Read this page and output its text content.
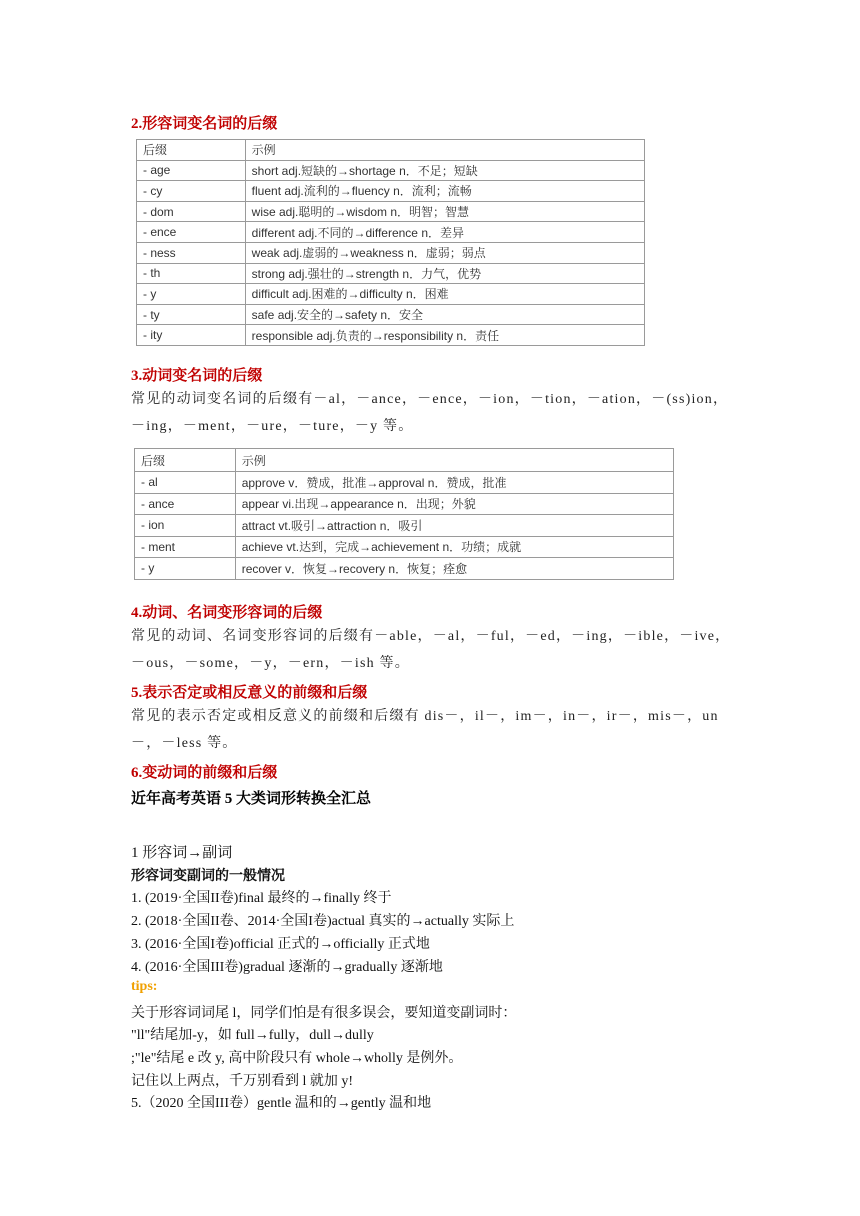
2.形容词变名词的后缀
后缀	示例
- age	short adj.短缺的→shortage n．不足；短缺
- cy	fluent adj.流利的→fluency n．流利；流畅
- dom	wise adj.聪明的→wisdom n．明智；智慧
- ence	different adj.不同的→difference n．差异
- ness	weak adj.虚弱的→weakness n．虚弱；弱点
- th	strong adj.强壮的→strength n．力气，优势
- y	difficult adj.困难的→difficulty n．困难
- ty	safe adj.安全的→safety n．安全
- ity	responsible adj.负责的→responsibility n．责任
3.动词变名词的后缀
常见的动词变名词的后缀有－al，－ance，－ence，－ion，－tion，－ation，－(ss)ion，－ing，－ment，－ure，－ture，－y 等。
后缀	示例
- al	approve v．赞成，批准→approval n．赞成，批准
- ance	appear vi.出现→appearance n．出现；外貌
- ion	attract vt.吸引→attraction n．吸引
- ment	achieve vt.达到，完成→achievement n．功绩；成就
- y	recover v．恢复→recovery n．恢复；痊愈
4.动词、名词变形容词的后缀
常见的动词、名词变形容词的后缀有－able，－al，－ful，－ed，－ing，－ible，－ive，－ous，－some，－y，－ern，－ish 等。
5.表示否定或相反意义的前缀和后缀
常见的表示否定或相反意义的前缀和后缀有 dis－，il－，im－，in－，ir－，mis－，un－，－less 等。
6.变动词的前缀和后缀
近年高考英语 5 大类词形转换全汇总
1 形容词→副词
形容词变副词的一般情况
1. (2019·全国II卷)final 最终的→finally 终于
2. (2018·全国II卷、2014·全国I卷)actual 真实的→actually 实际上
3. (2016·全国I卷)official 正式的→officially 正式地
4. (2016·全国III卷)gradual 逐渐的→gradually 逐渐地
tips:
关于形容词词尾 l，同学们怕是有很多误会，要知道变副词时：
"ll"结尾加-y，如 full→fully，dull→dully
;"le"结尾 e 改 y, 高中阶段只有 whole→wholly 是例外。
记住以上两点，千万别看到 l 就加 y!
5.（2020 全国III卷）gentle 温和的→gently 温和地
